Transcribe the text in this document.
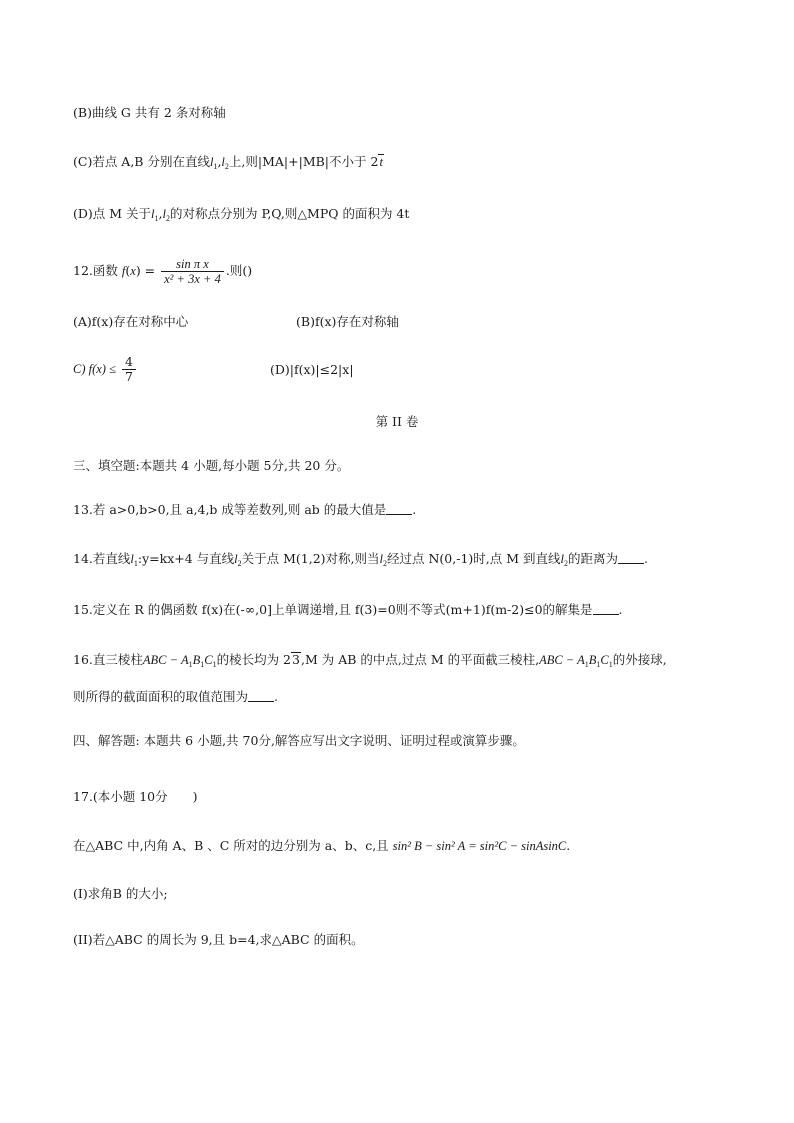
(B)曲线 G 共有 2 条对称轴
(C)若点 A,B 分别在直线$l_1,l_2$上,则|MA|+|MB|不小于 2t
(D)点 M 关于$l_1,l_2$的对称点分别为 P,Q,则△MPQ 的面积为 4t
12.函数 $f(x) = \frac{\text{sin π x}}{\text{x² + 3x + 4}}$ .则()
(A)f(x)存在对称中心	(B)f(x)存在对称轴
C) $f(x) \le \frac{4}{7}$	(D)|f(x)|≤2|x|
第 II 卷
三、填空题:本题共 4 小题,每小题 5分,共 20 分。
13.若 a>0,b>0,且 a,4,b 成等差数列,则 ab 的最大值是 .
14.若直线$l_1:y=kx+4$ 与直线$l_2$关于点 M(1,2)对称,则当$l_2$经过点 N(0,-1)时,点 M 到直线$l_2$的距离为 .
15.定义在 R 的偶函数 f(x)在(-∞,0]上单调递增,且 f(3)=0则不等式(m+1)f(m-2)≤0的解集是 .
16.直三棱柱ABC − $A_1B_1C_1$的棱长均为 23,M 为 AB 的中点,过点 M 的平面截三棱柱$,ABC - A_1B_1C_1$的外接球,
则所得的截面面积的取值范围为 .
四、解答题: 本题共 6 小题,共 70分,解答应写出文字说明、证明过程或演算步骤。
17.(本小题 10分　　)
在△ABC 中,内角 A、B 、C 所对的边分别为 a、b、c,且 sin² B − sin² A = sin²C − sinAsinC.
(I)求角B 的大小;
(II)若△ABC 的周长为 9,且 b=4,求△ABC 的面积。
